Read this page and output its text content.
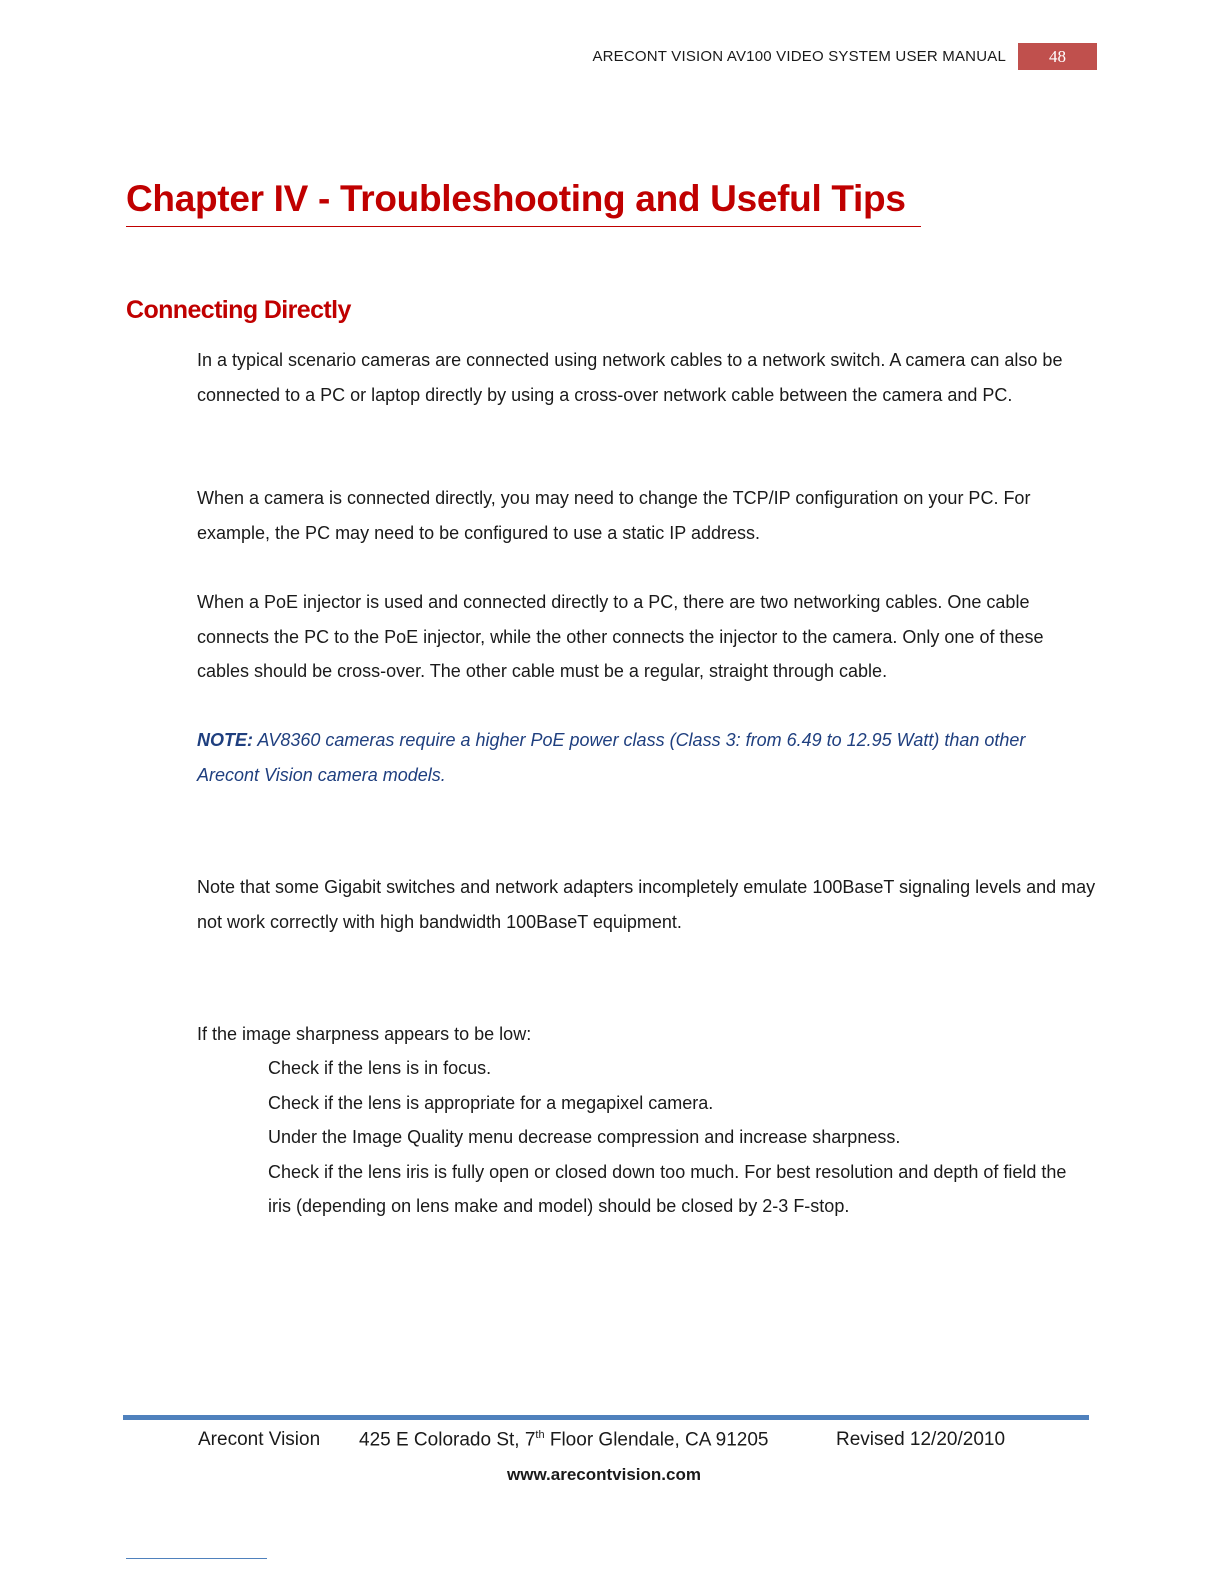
ARECONT VISION AV100 VIDEO SYSTEM USER MANUAL	48
Chapter IV - Troubleshooting and Useful Tips
Connecting Directly

In a typical scenario cameras are connected using network cables to a network switch. A camera can also be connected to a PC or laptop directly by using a cross-over network cable between the camera and PC.

When a camera is connected directly, you may need to change the TCP/IP configuration on your PC. For example, the PC may need to be configured to use a static IP address.

When a PoE injector is used and connected directly to a PC, there are two networking cables. One cable connects the PC to the PoE injector, while the other connects the injector to the camera. Only one of these cables should be cross-over. The other cable must be a regular, straight through cable.

NOTE: AV8360 cameras require a higher PoE power class (Class 3: from 6.49 to 12.95 Watt) than other Arecont Vision camera models.

Note that some Gigabit switches and network adapters incompletely emulate 100BaseT signaling levels and may not work correctly with high bandwidth 100BaseT equipment.

If the image sharpness appears to be low:

Check if the lens is in focus.
Check if the lens is appropriate for a megapixel camera.
Under the Image Quality menu decrease compression and increase sharpness.
Check if the lens iris is fully open or closed down too much. For best resolution and depth of field the iris (depending on lens make and model) should be closed by 2-3 F-stop.
Arecont Vision 425 E Colorado St, 7th Floor Glendale, CA 91205	Revised 12/20/2010
www.arecontvision.com
